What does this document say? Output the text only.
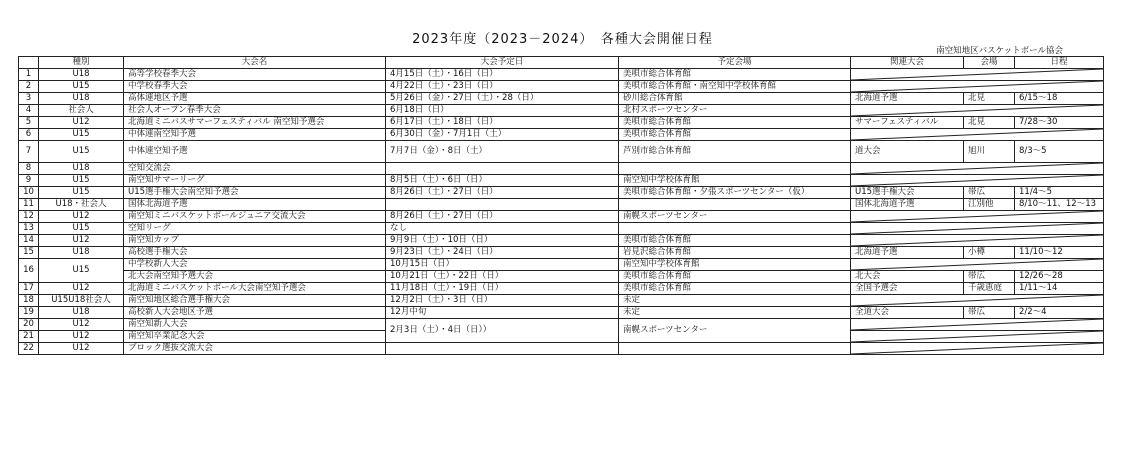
2023年度（2023－2024）　各種大会開催日程
南空知地区バスケットボール協会
	種別	大会名	大会予定日	予定会場	関連大会	会場	日程
1	U18	高等学校春季大会	4月15日（土）・16日（日）	美唄市総合体育館	

2	U15	中学校春季大会	4月22日（土）・23日（日）	美唄市総合体育館・南空知中学校体育館	

3	U18	高体連地区予選	5月26日（金）・27日（土）・28（日）	砂川総合体育館	北海道予選	北見	6/15～18
4	社会人	社会人オープン春季大会	6月18日（日）	北村スポーツセンター	

5	U12	北海道ミニバスサマーフェスティバル 南空知予選会	6月17日（土）・18日（日）	美唄市総合体育館	サマーフェスティバル	北見	7/28～30
6	U15	中体連南空知予選	6月30日（金）・7月1日（土）	美唄市総合体育館	

7	U15	中体連空知予選	7月7日（金）・8日（土）	芦別市総合体育館	道大会	旭川	8/3～5
8	U18	空知交流会			

9	U15	南空知サマーリーグ	8月5日（土）・6日（日）	南空知中学校体育館	

10	U15	U15選手権大会南空知予選会	8月26日（土）・27日（日）	美唄市総合体育館・夕張スポーツセンター（仮）	U15選手権大会	帯広	11/4～5
11	U18・社会人	国体北海道予選			国体北海道予選	江別他	8/10～11、12～13
12	U12	南空知ミニバスケットボールジュニア交流大会	8月26日（土）・27日（日）	南幌スポーツセンター	

13	U15	空知リーグ	なし		

14	U12	南空知カップ	9月9日（土）・10日（日）	美唄市総合体育館	

15	U18	高校選手権大会	9月23日（土）・24日（日）	岩見沢総合体育館	北海道予選	小樽	11/10～12
16	U15	中学校新人大会	10月15日（日）	南空知中学校体育館	

		北大会南空知予選大会	10月21日（土）・22日（日）	美唄市総合体育館	北大会	帯広	12/26～28
17	U12	北海道ミニバスケットボール大会南空知予選会	11月18日（土）・19日（日）	美唄市総合体育館	全国予選会	千歳恵庭	1/11～14
18	U15U18社会人	南空知地区総合選手権大会	12月2日（土）・3日（日）	未定	

19	U18	高校新人大会地区予選	12月中旬	未定	全道大会	帯広	2/2～4
20	U12	南空知新人大会	2月3日（土）・4日（日））	南幌スポーツセンター	

21	U12	南空知卒業記念大会	

22	U12	ブロック選抜交流大会			
